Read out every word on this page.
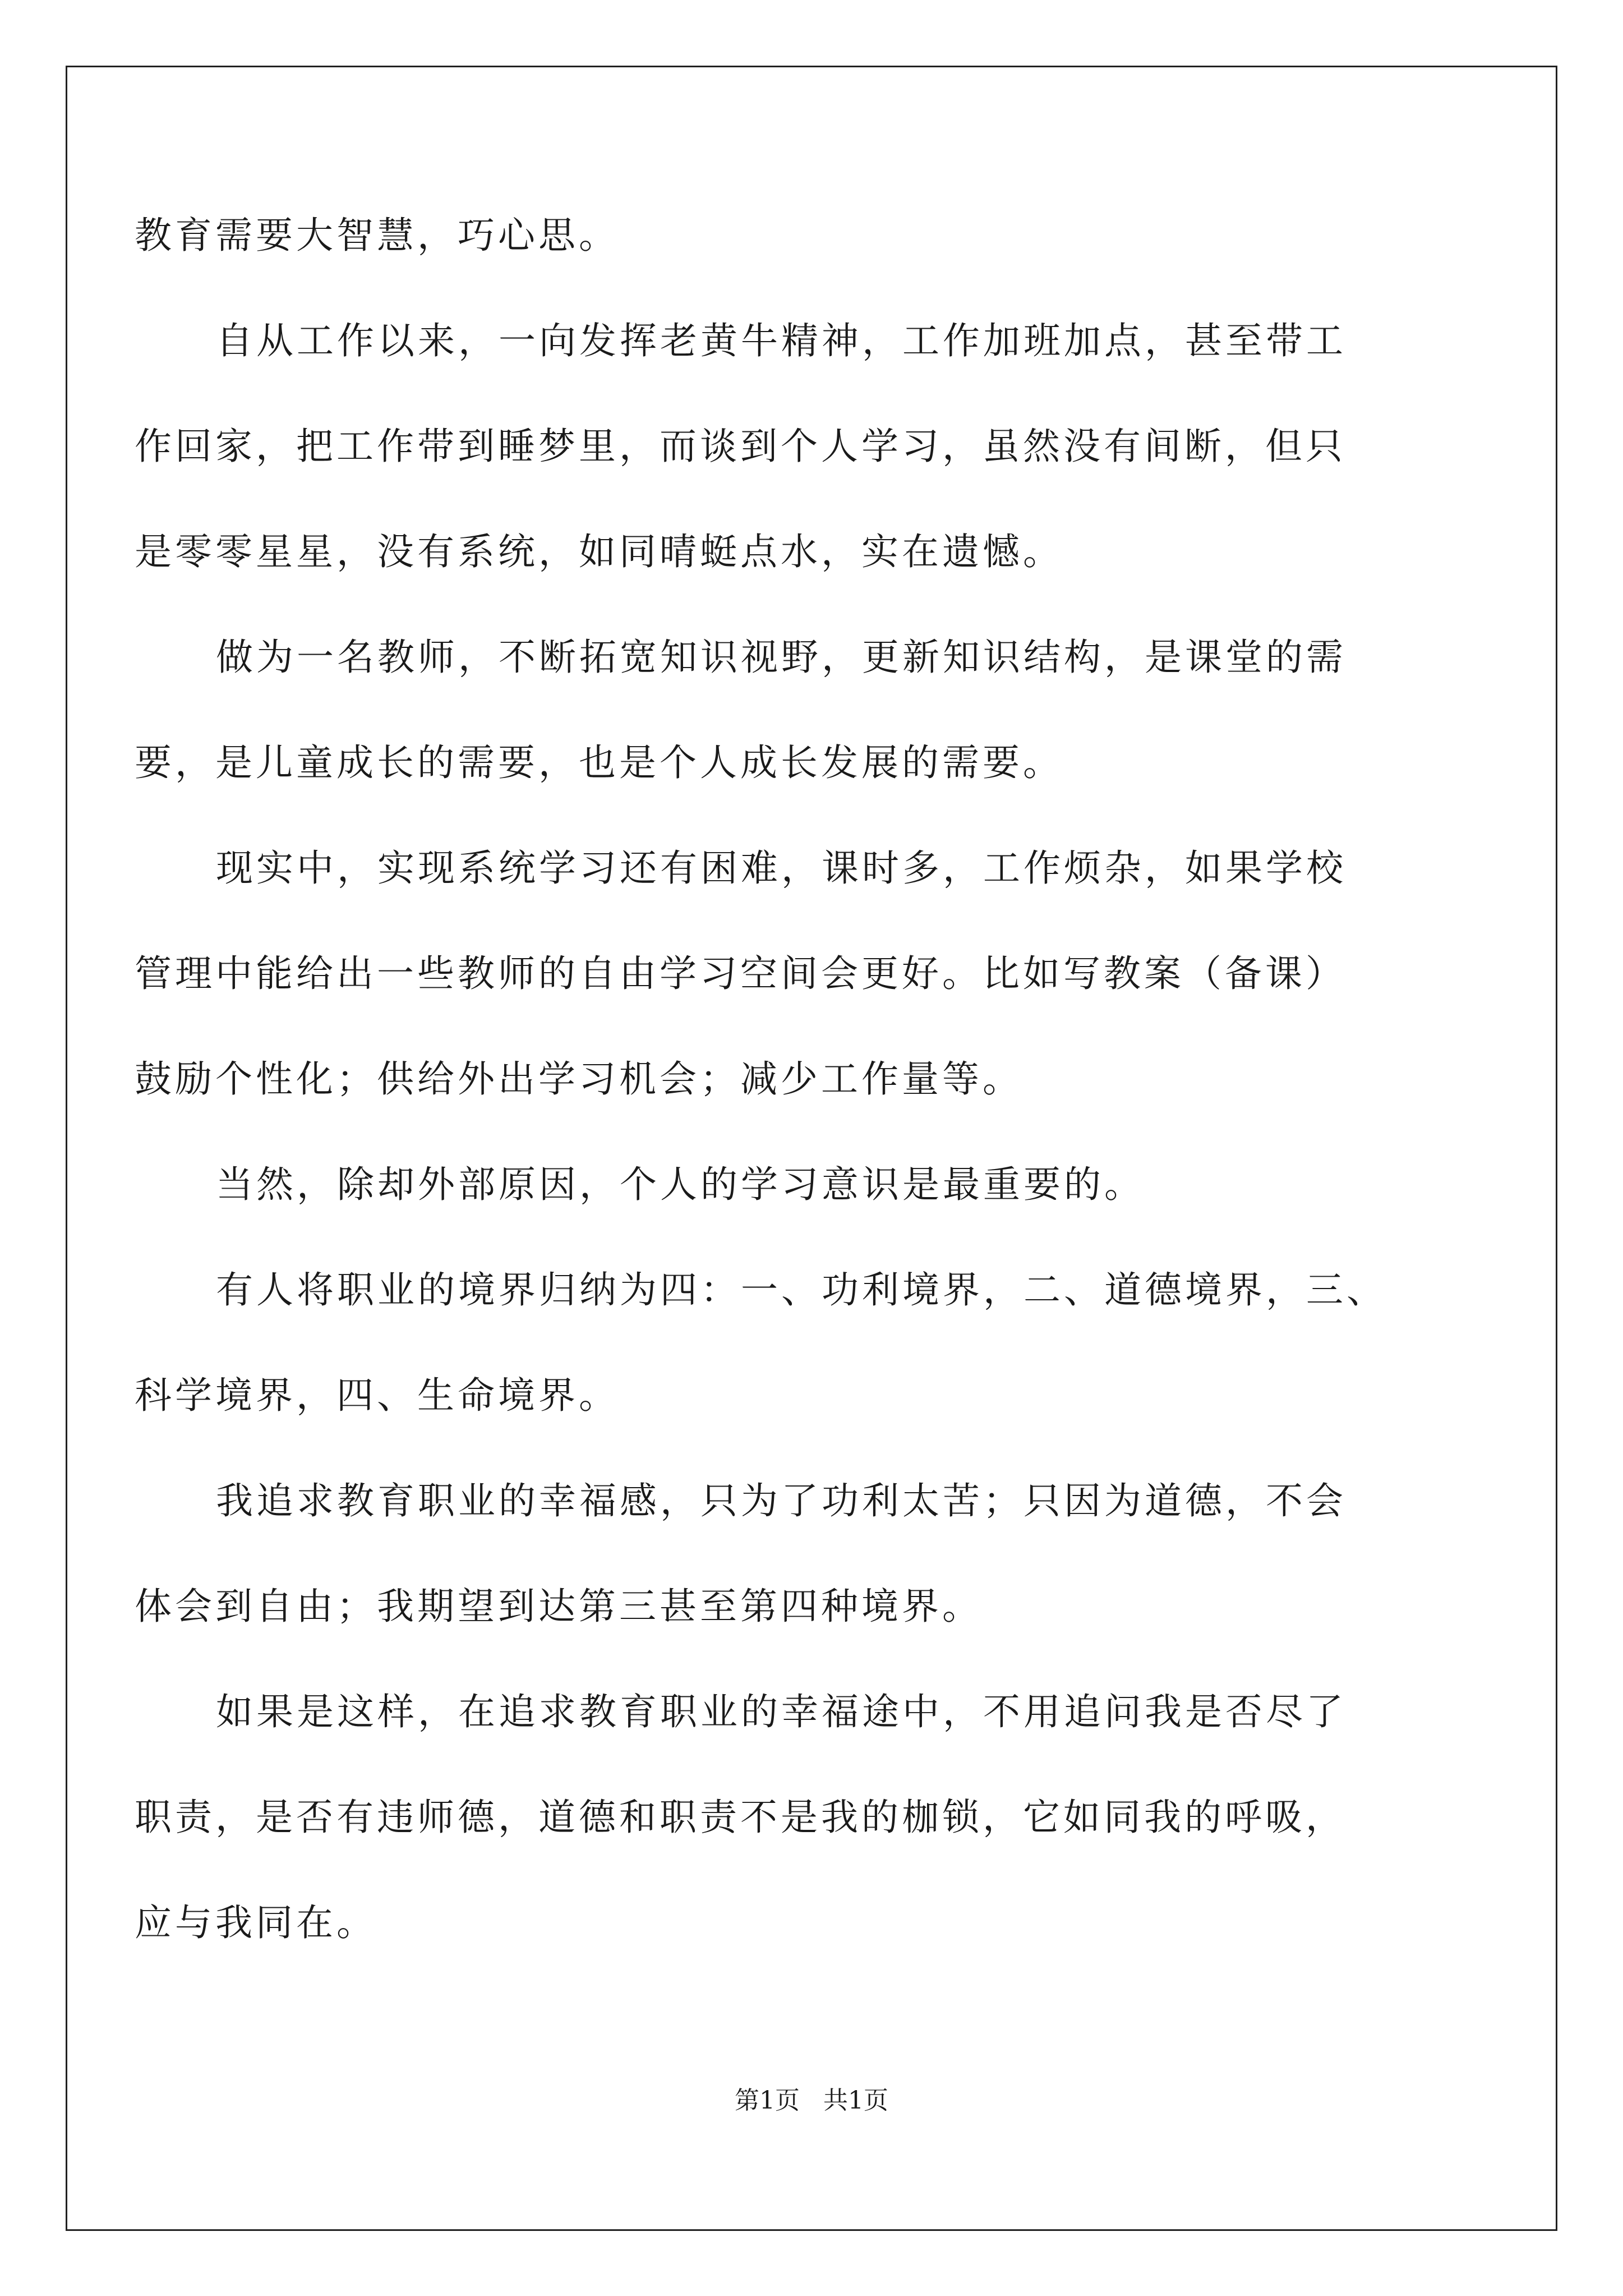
教育需要大智慧，巧心思。
自从工作以来，一向发挥老黄牛精神，工作加班加点，甚至带工
作回家，把工作带到睡梦里，而谈到个人学习，虽然没有间断，但只
是零零星星，没有系统，如同晴蜓点水，实在遗憾。
做为一名教师，不断拓宽知识视野，更新知识结构，是课堂的需
要，是儿童成长的需要，也是个人成长发展的需要。
现实中，实现系统学习还有困难，课时多，工作烦杂，如果学校
管理中能给出一些教师的自由学习空间会更好。比如写教案（备课）
鼓励个性化；供给外出学习机会；减少工作量等。
当然，除却外部原因，个人的学习意识是最重要的。
有人将职业的境界归纳为四：一、功利境界，二、道德境界，三、
科学境界，四、生命境界。
我追求教育职业的幸福感，只为了功利太苦；只因为道德，不会
体会到自由；我期望到达第三甚至第四种境界。
如果是这样，在追求教育职业的幸福途中，不用追问我是否尽了
职责，是否有违师德，道德和职责不是我的枷锁，它如同我的呼吸，
应与我同在。
第1页   共1页
